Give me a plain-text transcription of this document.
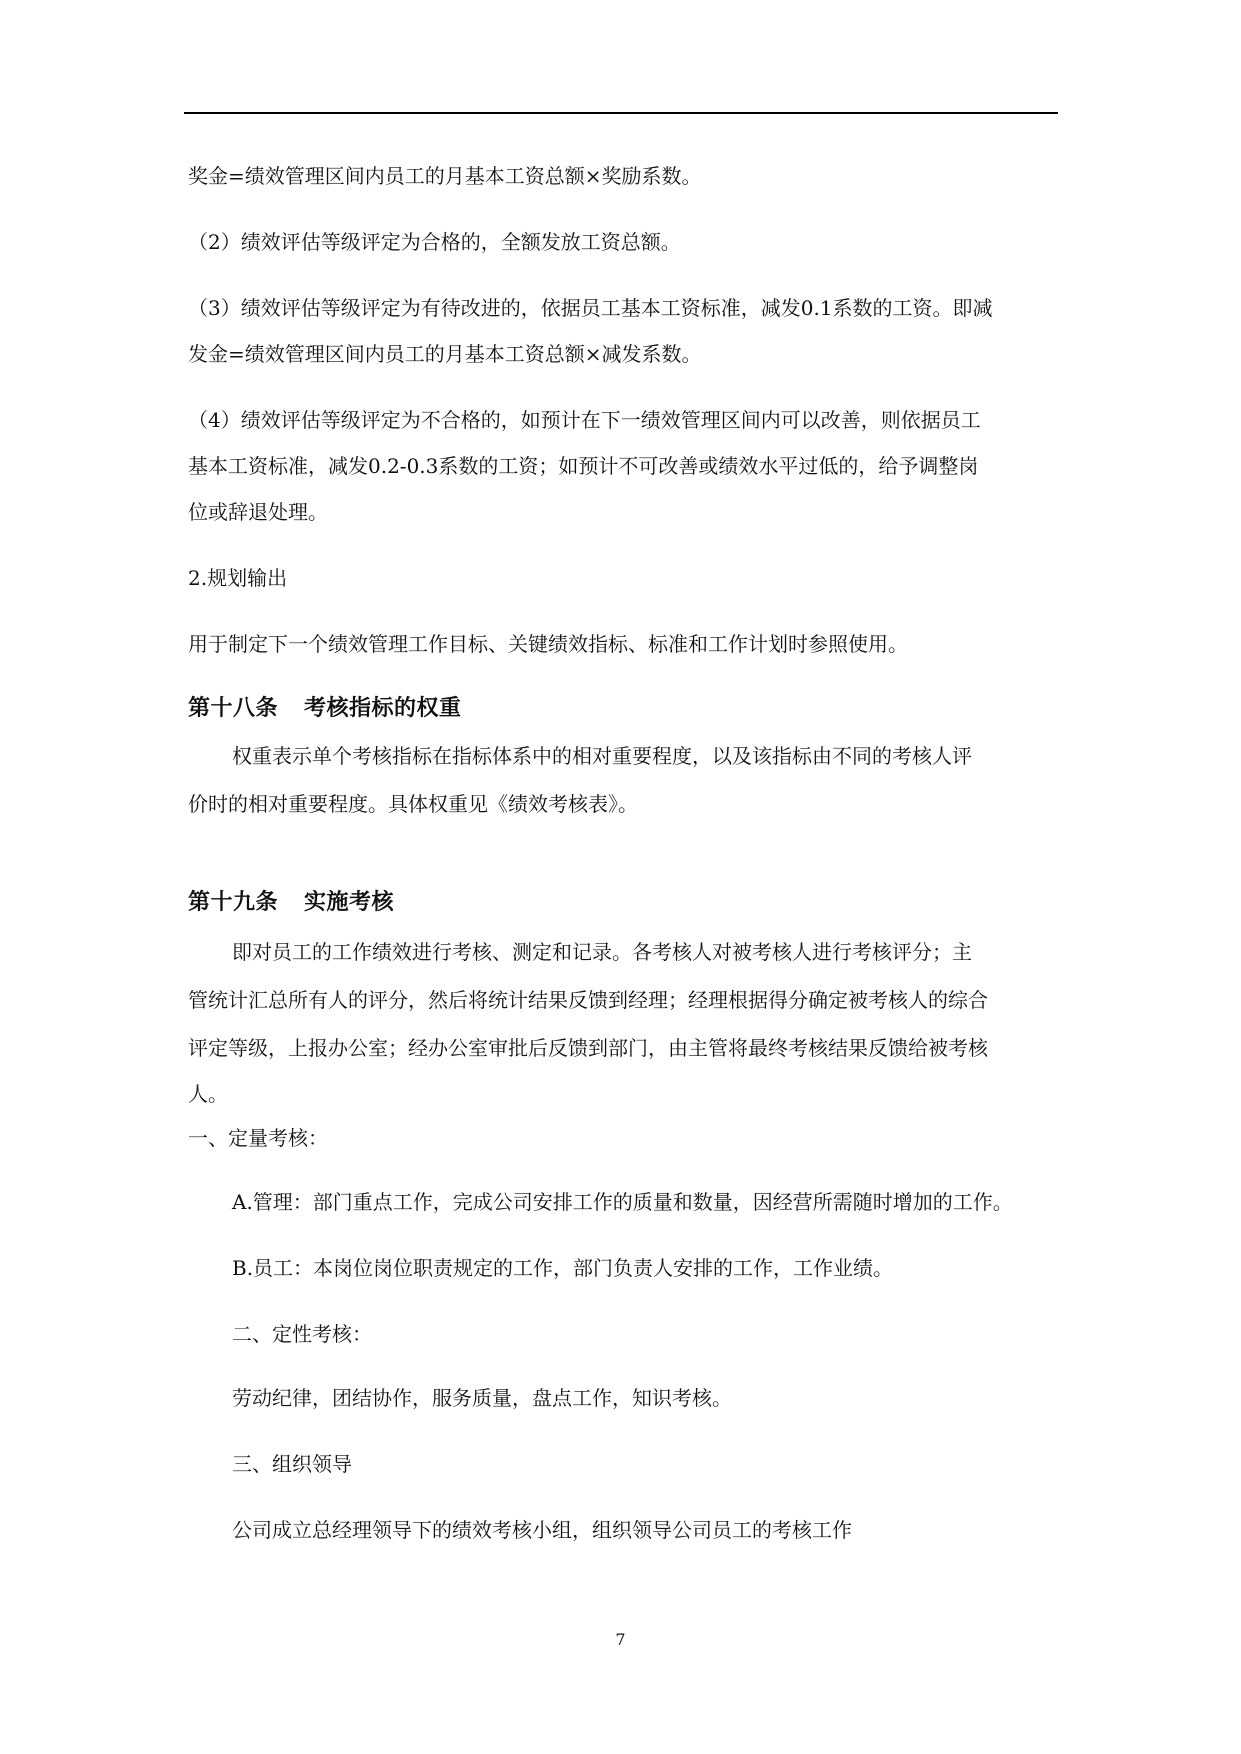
奖金=绩效管理区间内员工的月基本工资总额×奖励系数。
（2）绩效评估等级评定为合格的，全额发放工资总额。
（3）绩效评估等级评定为有待改进的，依据员工基本工资标准，减发0.1系数的工资。即减
发金=绩效管理区间内员工的月基本工资总额×减发系数。
（4）绩效评估等级评定为不合格的，如预计在下一绩效管理区间内可以改善，则依据员工
基本工资标准，减发0.2-0.3系数的工资；如预计不可改善或绩效水平过低的，给予调整岗
位或辞退处理。
2.规划输出
用于制定下一个绩效管理工作目标、关键绩效指标、标准和工作计划时参照使用。
第十八条 考核指标的权重
权重表示单个考核指标在指标体系中的相对重要程度，以及该指标由不同的考核人评
价时的相对重要程度。具体权重见《绩效考核表》。
第十九条 实施考核
即对员工的工作绩效进行考核、测定和记录。各考核人对被考核人进行考核评分；主
管统计汇总所有人的评分，然后将统计结果反馈到经理；经理根据得分确定被考核人的综合
评定等级，上报办公室；经办公室审批后反馈到部门，由主管将最终考核结果反馈给被考核
人。
一、定量考核：
A.管理：部门重点工作，完成公司安排工作的质量和数量，因经营所需随时增加的工作。
B.员工：本岗位岗位职责规定的工作，部门负责人安排的工作，工作业绩。
二、定性考核：
劳动纪律，团结协作，服务质量，盘点工作，知识考核。
三、组织领导
公司成立总经理领导下的绩效考核小组，组织领导公司员工的考核工作
7
